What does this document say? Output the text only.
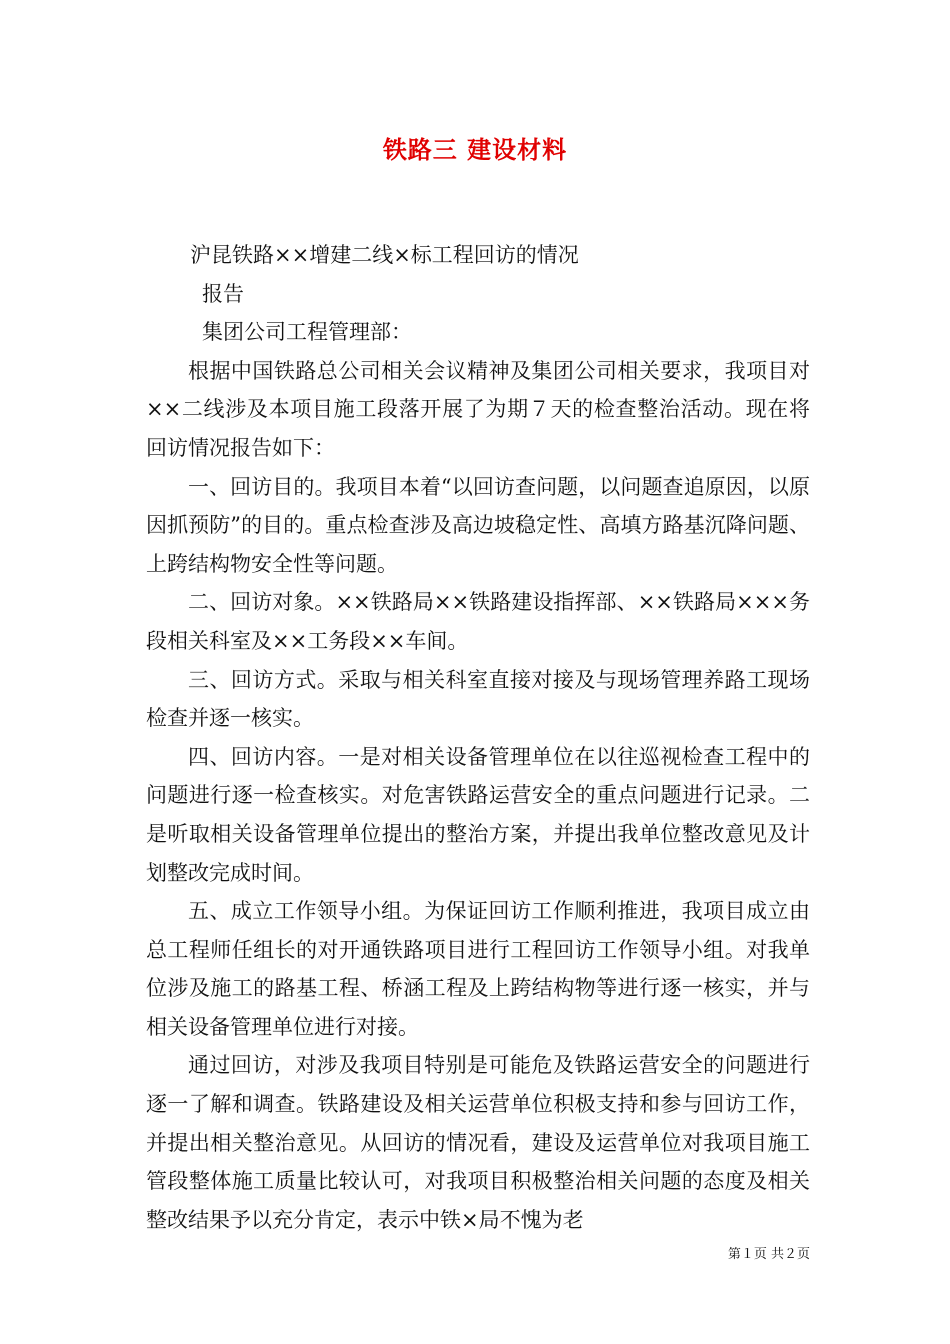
铁路三 建设材料

沪昆铁路××增建二线×标工程回访的情况

报告

集团公司工程管理部：

根据中国铁路总公司相关会议精神及集团公司相关要求，我项目对××二线涉及本项目施工段落开展了为期７天的检查整治活动。现在将回访情况报告如下：

一、回访目的。我项目本着“以回访查问题，以问题查追原因，以原因抓预防”的目的。重点检查涉及高边坡稳定性、高填方路基沉降问题、上跨结构物安全性等问题。

二、回访对象。××铁路局××铁路建设指挥部、××铁路局×××务段相关科室及××工务段××车间。

三、回访方式。采取与相关科室直接对接及与现场管理养路工现场检查并逐一核实。

四、回访内容。一是对相关设备管理单位在以往巡视检查工程中的问题进行逐一检查核实。对危害铁路运营安全的重点问题进行记录。二是听取相关设备管理单位提出的整治方案，并提出我单位整改意见及计划整改完成时间。

五、成立工作领导小组。为保证回访工作顺利推进，我项目成立由总工程师任组长的对开通铁路项目进行工程回访工作领导小组。对我单位涉及施工的路基工程、桥涵工程及上跨结构物等进行逐一核实，并与相关设备管理单位进行对接。

通过回访，对涉及我项目特别是可能危及铁路运营安全的问题进行逐一了解和调查。铁路建设及相关运营单位积极支持和参与回访工作，并提出相关整治意见。从回访的情况看，建设及运营单位对我项目施工管段整体施工质量比较认可，对我项目积极整治相关问题的态度及相关整改结果予以充分肯定，表示中铁×局不愧为老

第１页 共２页
